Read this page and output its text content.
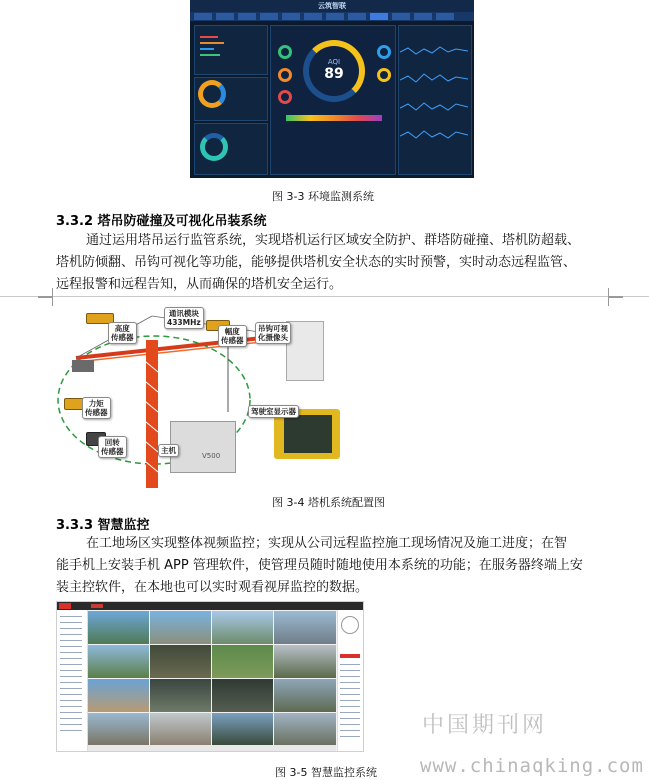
云筑智联
AQI
89
图 3-3 环境监测系统
3.3.2 塔吊防碰撞及可视化吊装系统
通过运用塔吊运行监管系统，实现塔机运行区域安全防护、群塔防碰撞、塔机防超载、
塔机防倾翻、吊钩可视化等功能，能够提供塔机安全状态的实时预警，实时动态远程监管、
远程报警和远程告知，从而确保的塔机安全运行。
高度
传感器
通讯模块
433MHz
幅度
传感器
吊钩可视
化摄像头
力矩
传感器
回转
传感器	V500
主机
驾驶室显示器
图 3-4 塔机系统配置图
3.3.3 智慧监控
在工地场区实现整体视频监控；实现从公司远程监控施工现场情况及施工进度；在智
能手机上安装手机 APP 管理软件，使管理员随时随地使用本系统的功能；在服务器终端上安
装主控软件，在本地也可以实时观看视屏监控的数据。
图 3-5 智慧监控系统
中国期刊网
www.chinaqking.com
